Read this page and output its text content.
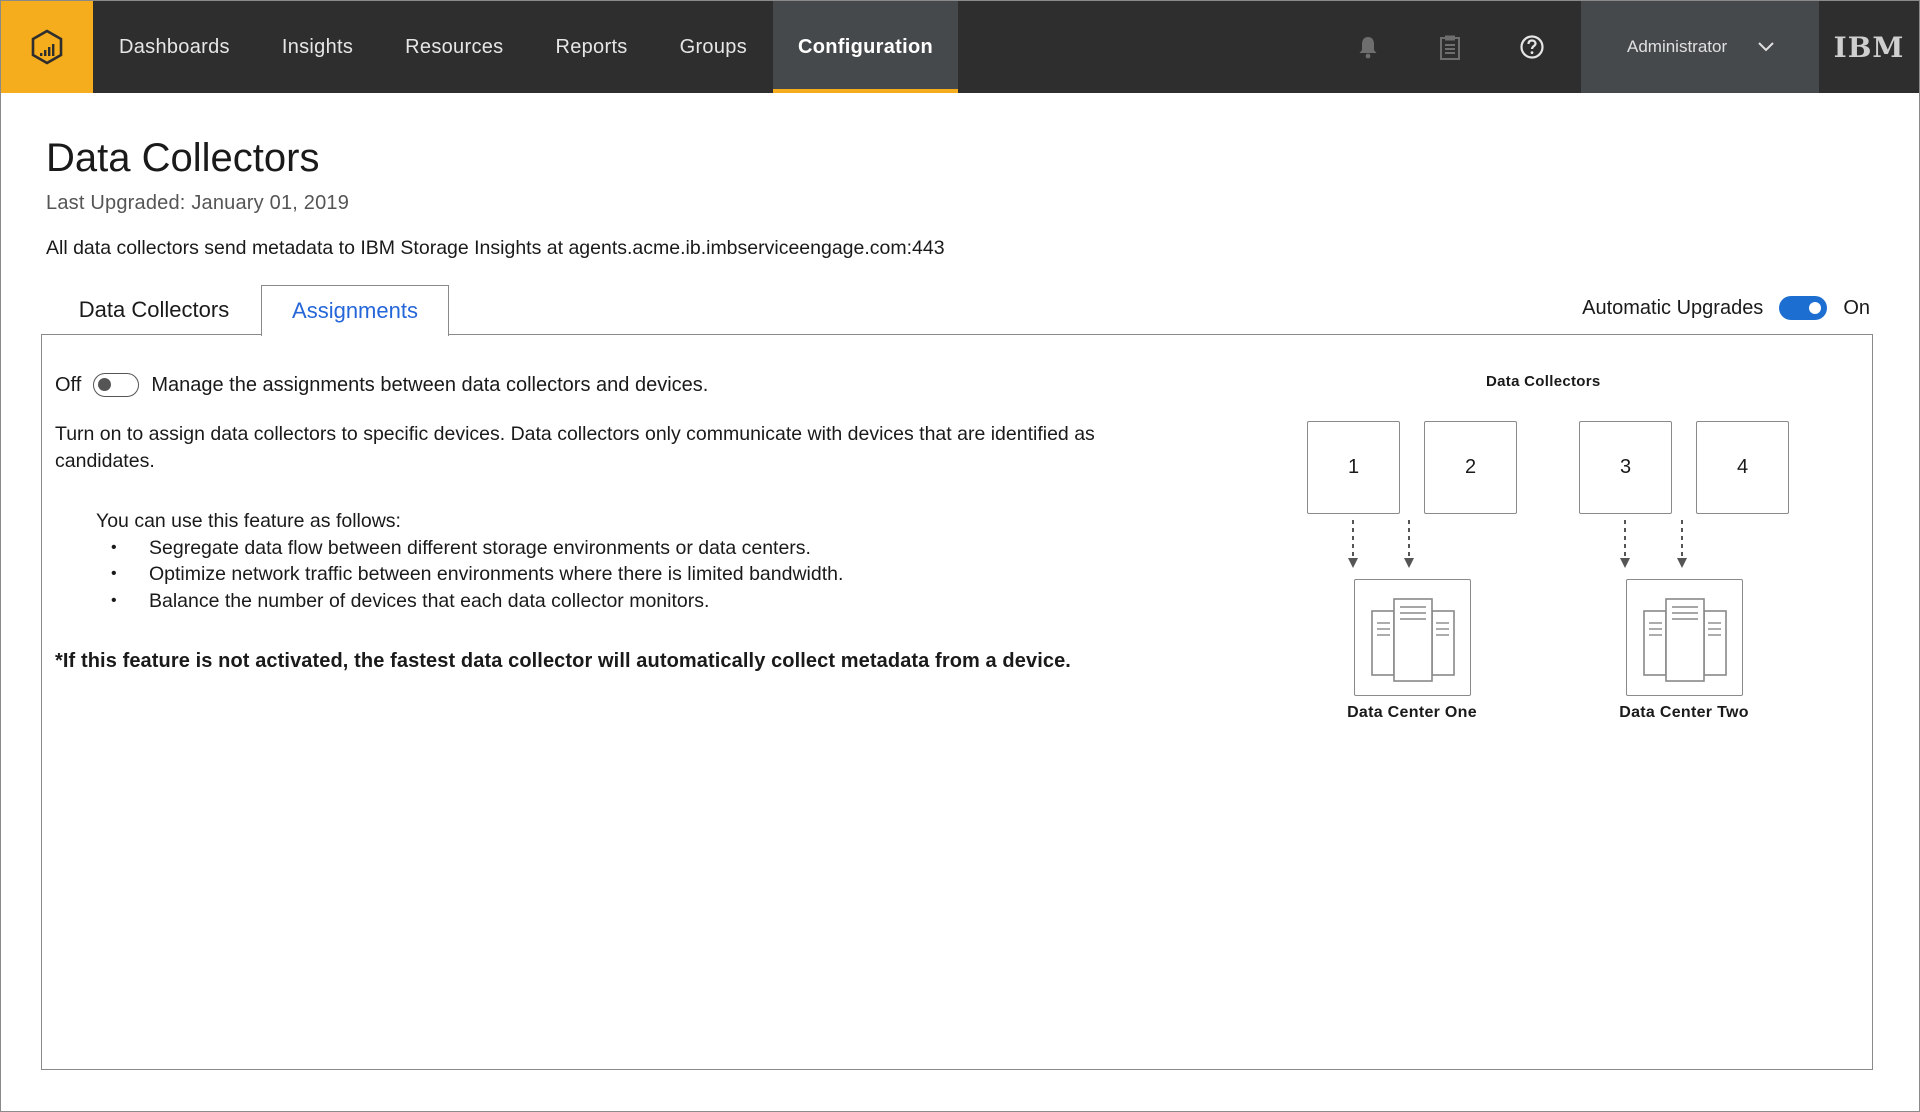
Dashboards	Insights	Resources	Reports	Groups	Configuration	Administrator	IBM
Data Collectors
Last Upgraded: January 01, 2019
All data collectors send metadata to IBM Storage Insights at agents.acme.ib.imbserviceengage.com:443
Data Collectors	Assignments	Automatic Upgrades	On
Off	Manage the assignments between data collectors and devices.

Turn on to assign data collectors to specific devices. Data collectors only communicate with devices that are identified as candidates.

You can use this feature as follows:
• Segregate data flow between different storage environments or data centers.
• Optimize network traffic between environments where there is limited bandwidth.
• Balance the number of devices that each data collector monitors.
*If this feature is not activated, the fastest data collector will automatically collect metadata from a device.
Data Collectors
1	2	3	4
Data Center One	Data Center Two
